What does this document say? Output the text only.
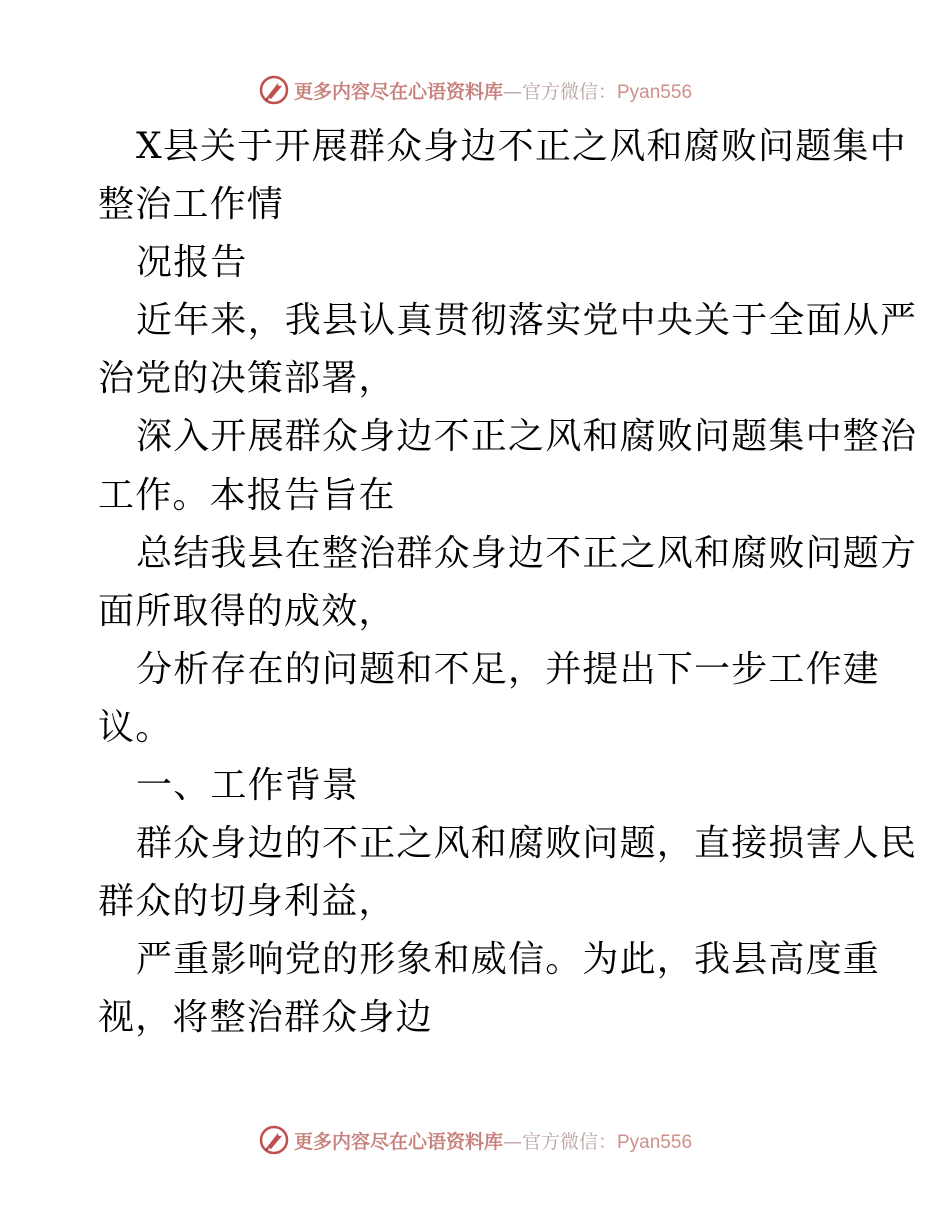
更多内容尽在心语资料库—官方微信：Pyan556
X县关于开展群众身边不正之风和腐败问题集中
整治工作情
况报告
近年来，我县认真贯彻落实党中央关于全面从严
治党的决策部署，
深入开展群众身边不正之风和腐败问题集中整治
工作。本报告旨在
总结我县在整治群众身边不正之风和腐败问题方
面所取得的成效，
分析存在的问题和不足，并提出下一步工作建
议。
一、工作背景
群众身边的不正之风和腐败问题，直接损害人民
群众的切身利益，
严重影响党的形象和威信。为此，我县高度重
视，将整治群众身边
更多内容尽在心语资料库—官方微信：Pyan556
